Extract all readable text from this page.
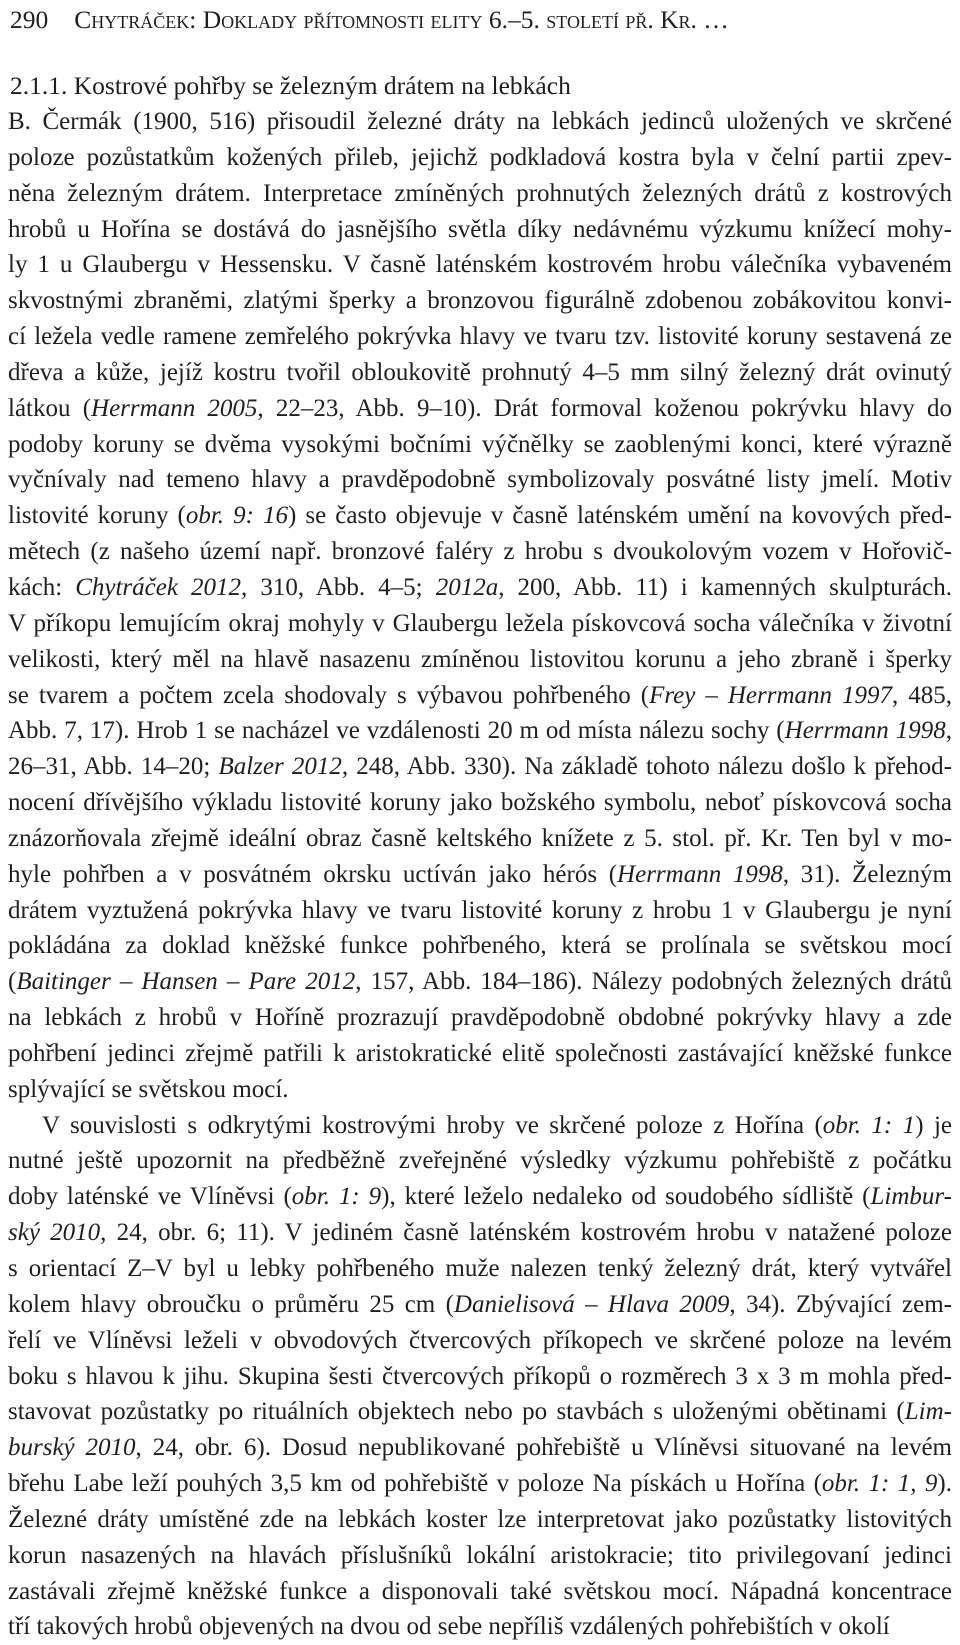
290 Chytráček: Doklady přítomnosti elity 6.–5. století př. Kr. …
2.1.1. Kostrové pohřby se železným drátem na lebkách
B. Čermák (1900, 516) přisoudil železné dráty na lebkách jedinců uložených ve skrčené
poloze pozůstatkům kožených přileb, jejichž podkladová kostra byla v čelní partii zpev-
něna železným drátem. Interpretace zmíněných prohnutých železných drátů z kostrových
hrobů u Hořína se dostává do jasnějšího světla díky nedávnému výzkumu knížecí mohy-
ly 1 u Glaubergu v Hessensku. V časně laténském kostrovém hrobu válečníka vybaveném
skvostnými zbraněmi, zlatými šperky a bronzovou figurálně zdobenou zobákovitou konvi-
cí ležela vedle ramene zemřelého pokrývka hlavy ve tvaru tzv. listovité koruny sestavená ze
dřeva a kůže, jejíž kostru tvořil obloukovitě prohnutý 4–5 mm silný železný drát ovinutý
látkou (Herrmann 2005, 22–23, Abb. 9–10). Drát formoval koženou pokrývku hlavy do
podoby koruny se dvěma vysokými bočními výčnělky se zaoblenými konci, které výrazně
vyčnívaly nad temeno hlavy a pravděpodobně symbolizovaly posvátné listy jmelí. Motiv
listovité koruny (obr. 9: 16) se často objevuje v časně laténském umění na kovových před-
mětech (z našeho území např. bronzové faléry z hrobu s dvoukolovým vozem v Hořovič-
kách: Chytráček 2012, 310, Abb. 4–5; 2012a, 200, Abb. 11) i kamenných skulpturách.
V příkopu lemujícím okraj mohyly v Glaubergu ležela pískovcová socha válečníka v životní
velikosti, který měl na hlavě nasazenu zmíněnou listovitou korunu a jeho zbraně i šperky
se tvarem a počtem zcela shodovaly s výbavou pohřbeného (Frey – Herrmann 1997, 485,
Abb. 7, 17). Hrob 1 se nacházel ve vzdálenosti 20 m od místa nálezu sochy (Herrmann 1998,
26–31, Abb. 14–20; Balzer 2012, 248, Abb. 330). Na základě tohoto nálezu došlo k přehod-
nocení dřívějšího výkladu listovité koruny jako božského symbolu, neboť pískovcová socha
znázorňovala zřejmě ideální obraz časně keltského knížete z 5. stol. př. Kr. Ten byl v mo-
hyle pohřben a v posvátném okrsku uctíván jako hérós (Herrmann 1998, 31). Železným
drátem vyztužená pokrývka hlavy ve tvaru listovité koruny z hrobu 1 v Glaubergu je nyní
pokládána za doklad kněžské funkce pohřbeného, která se prolínala se světskou mocí
(Baitinger – Hansen – Pare 2012, 157, Abb. 184–186). Nálezy podobných železných drátů
na lebkách z hrobů v Hoříně prozrazují pravděpodobně obdobné pokrývky hlavy a zde
pohřbení jedinci zřejmě patřili k aristokratické elitě společnosti zastávající kněžské funkce
splývající se světskou mocí.
V souvislosti s odkrytými kostrovými hroby ve skrčené poloze z Hořína (obr. 1: 1) je
nutné ještě upozornit na předběžně zveřejněné výsledky výzkumu pohřebiště z počátku
doby laténské ve Vlíněvsi (obr. 1: 9), které leželo nedaleko od soudobého sídliště (Limbur-
ský 2010, 24, obr. 6; 11). V jediném časně laténském kostrovém hrobu v natažené poloze
s orientací Z–V byl u lebky pohřbeného muže nalezen tenký železný drát, který vytvářel
kolem hlavy obroučku o průměru 25 cm (Danielisová – Hlava 2009, 34). Zbývající zem-
řelí ve Vlíněvsi leželi v obvodových čtvercových příkopech ve skrčené poloze na levém
boku s hlavou k jihu. Skupina šesti čtvercových příkopů o rozměrech 3 x 3 m mohla před-
stavovat pozůstatky po rituálních objektech nebo po stavbách s uloženými obětinami (Lim-
burský 2010, 24, obr. 6). Dosud nepublikované pohřebiště u Vlíněvsi situované na levém
břehu Labe leží pouhých 3,5 km od pohřebiště v poloze Na pískách u Hořína (obr. 1: 1, 9).
Železné dráty umístěné zde na lebkách koster lze interpretovat jako pozůstatky listovitých
korun nasazených na hlavách příslušníků lokální aristokracie; tito privilegovaní jedinci
zastávali zřejmě kněžské funkce a disponovali také světskou mocí. Nápadná koncentrace
tří takových hrobů objevených na dvou od sebe nepříliš vzdálených pohřebištích v okolí
